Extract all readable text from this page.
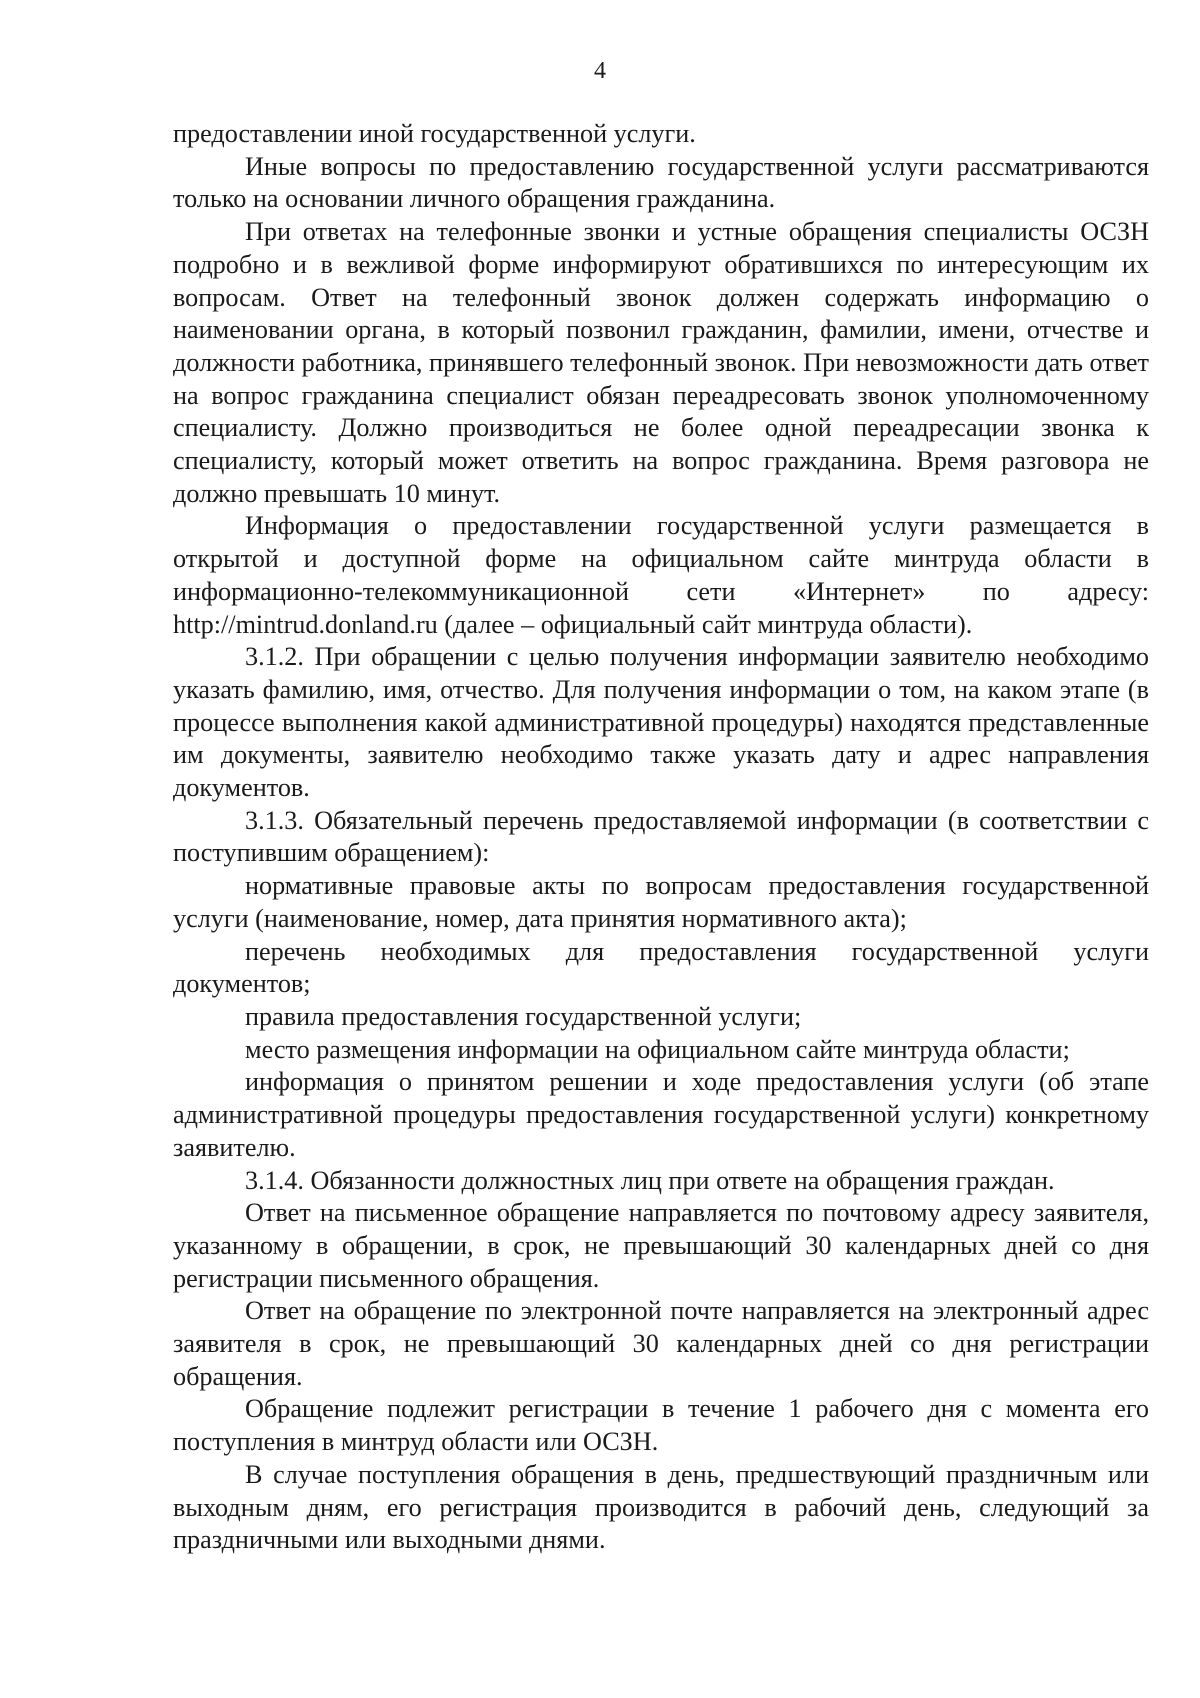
4

предоставлении иной государственной услуги.

Иные вопросы по предоставлению государственной услуги рассматриваются только на основании личного обращения гражданина.

При ответах на телефонные звонки и устные обращения специалисты ОСЗН подробно и в вежливой форме информируют обратившихся по интересующим их вопросам. Ответ на телефонный звонок должен содержать информацию о наименовании органа, в который позвонил гражданин, фамилии, имени, отчестве и должности работника, принявшего телефонный звонок. При невозможности дать ответ на вопрос гражданина специалист обязан переадресовать звонок уполномоченному специалисту. Должно производиться не более одной переадресации звонка к специалисту, который может ответить на вопрос гражданина. Время разговора не должно превышать 10 минут.

Информация о предоставлении государственной услуги размещается в открытой и доступной форме на официальном сайте минтруда области в информационно-телекоммуникационной сети «Интернет» по адресу: http://mintrud.donland.ru (далее – официальный сайт минтруда области).

3.1.2. При обращении с целью получения информации заявителю необходимо указать фамилию, имя, отчество. Для получения информации о том, на каком этапе (в процессе выполнения какой административной процедуры) находятся представленные им документы, заявителю необходимо также указать дату и адрес направления документов.

3.1.3. Обязательный перечень предоставляемой информации (в соответствии с поступившим обращением):

нормативные правовые акты по вопросам предоставления государственной услуги (наименование, номер, дата принятия нормативного акта);

перечень необходимых для предоставления государственной услуги документов;

правила предоставления государственной услуги;

место размещения информации на официальном сайте минтруда области;

информация о принятом решении и ходе предоставления услуги (об этапе административной процедуры предоставления государственной услуги) конкретному заявителю.

3.1.4. Обязанности должностных лиц при ответе на обращения граждан.

Ответ на письменное обращение направляется по почтовому адресу заявителя, указанному в обращении, в срок, не превышающий 30 календарных дней со дня регистрации письменного обращения.

Ответ на обращение по электронной почте направляется на электронный адрес заявителя в срок, не превышающий 30 календарных дней со дня регистрации обращения.

Обращение подлежит регистрации в течение 1 рабочего дня с момента его поступления в минтруд области или ОСЗН.

В случае поступления обращения в день, предшествующий праздничным или выходным дням, его регистрация производится в рабочий день, следующий за праздничными или выходными днями.
